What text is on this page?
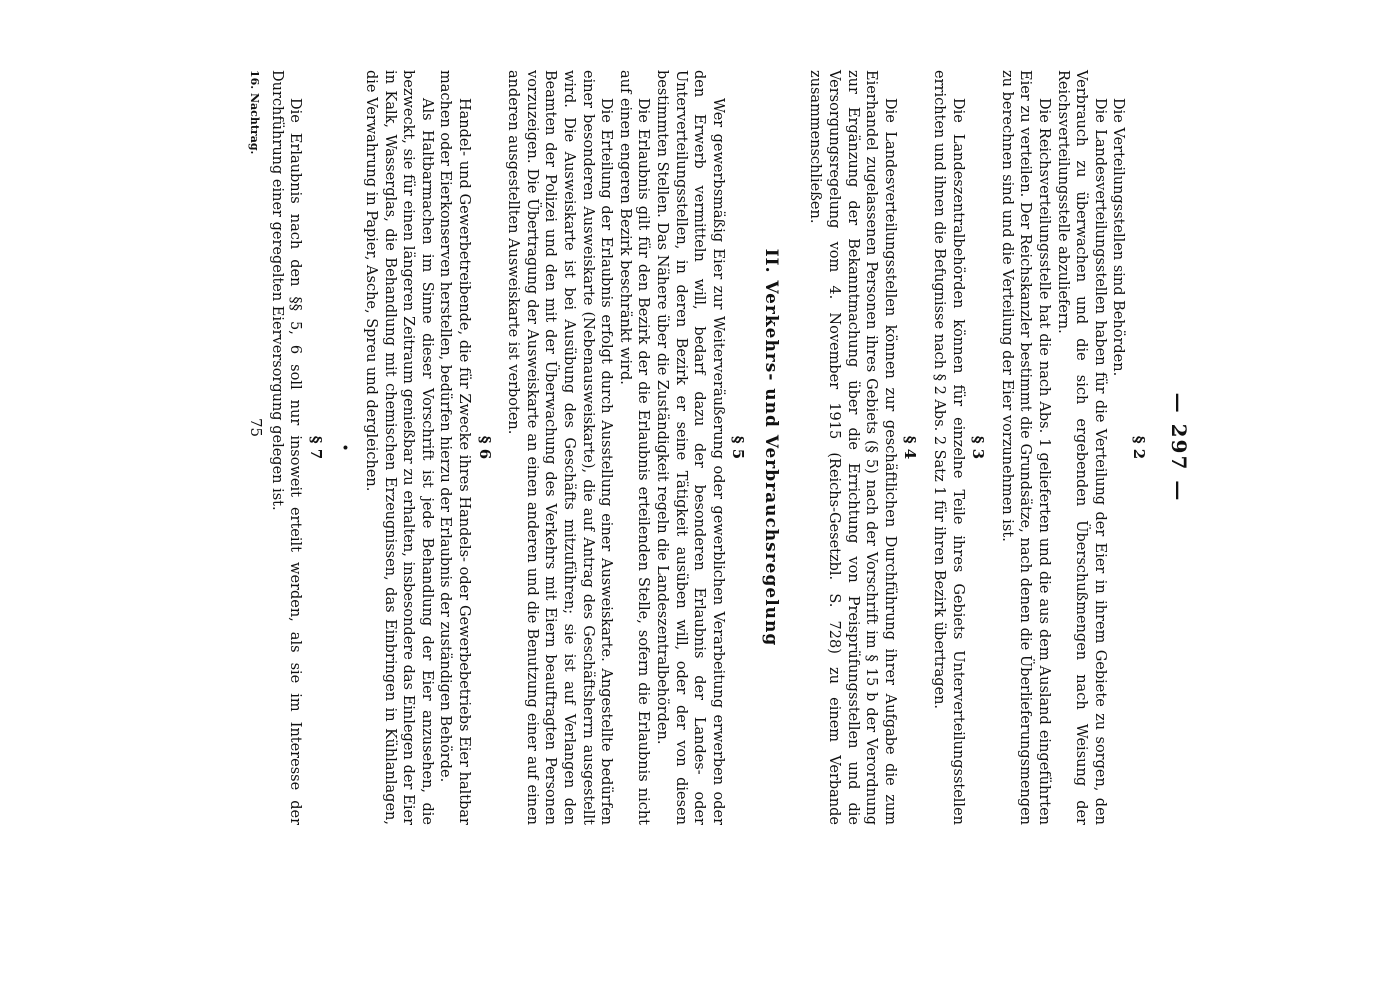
— 297 —
§ 2

Die Verteilungsstellen sind Behörden.

Die Landesverteilungsstellen haben für die Verteilung der Eier in ihrem Gebiete zu sorgen, den Verbrauch zu überwachen und die sich ergebenden Überschußmengen nach Weisung der Reichsverteilungsstelle abzuliefern.

Die Reichsverteilungsstelle hat die nach Abs. 1 gelieferten und die aus dem Ausland eingeführten Eier zu verteilen. Der Reichskanzler bestimmt die Grundsätze, nach denen die Überlieferungsmengen zu berechnen sind und die Verteilung der Eier vorzunehmen ist.

§ 3

Die Landeszentralbehörden können für einzelne Teile ihres Gebiets Unterverteilungsstellen errichten und ihnen die Befugnisse nach § 2 Abs. 2 Satz 1 für ihren Bezirk übertragen.

§ 4

Die Landesverteilungsstellen können zur geschäftlichen Durchführung ihrer Aufgabe die zum Eierhandel zugelassenen Personen ihres Gebiets (§ 5) nach der Vorschrift im § 15 b der Verordnung zur Ergänzung der Bekanntmachung über die Errichtung von Preisprüfungsstellen und die Versorgungsregelung vom 4. November 1915 (Reichs-Gesetzbl. S. 728) zu einem Verbande zusammenschließen.

II. Verkehrs- und Verbrauchsregelung
§ 5

Wer gewerbsmäßig Eier zur Weiterveräußerung oder gewerblichen Verarbeitung erwerben oder den Erwerb vermitteln will, bedarf dazu der besonderen Erlaubnis der Landes- oder Unterverteilungsstellen, in deren Bezirk er seine Tätigkeit ausüben will, oder der von diesen bestimmten Stellen. Das Nähere über die Zuständigkeit regeln die Landeszentralbehörden.

Die Erlaubnis gilt für den Bezirk der die Erlaubnis erteilenden Stelle, sofern die Erlaubnis nicht auf einen engeren Bezirk beschränkt wird.

Die Erteilung der Erlaubnis erfolgt durch Ausstellung einer Ausweiskarte. Angestellte bedürfen einer besonderen Ausweiskarte (Nebenausweiskarte), die auf Antrag des Geschäftsherrn ausgestellt wird. Die Ausweiskarte ist bei Ausübung des Geschäfts mitzuführen; sie ist auf Verlangen den Beamten der Polizei und den mit der Überwachung des Verkehrs mit Eiern beauftragten Personen vorzuzeigen. Die Übertragung der Ausweiskarte an einen anderen und die Benutzung einer auf einen anderen ausgestellten Ausweiskarte ist verboten.

§ 6

Handel- und Gewerbetreibende, die für Zwecke ihres Handels- oder Gewerbebetriebs Eier haltbar machen oder Eierkonserven herstellen, bedürfen hierzu der Erlaubnis der zuständigen Behörde.

Als Haltbarmachen im Sinne dieser Vorschrift ist jede Behandlung der Eier anzusehen, die bezweckt, sie für einen längeren Zeitraum genießbar zu erhalten, insbesondere das Einlegen der Eier in Kalk, Wasserglas, die Behandlung mit chemischen Erzeugnissen, das Einbringen in Kühlanlagen, die Verwahrung in Papier, Asche, Spreu und dergleichen.

•
§ 7

Die Erlaubnis nach den §§ 5, 6 soll nur insoweit erteilt werden, als sie im Interesse der Durchführung einer geregelten Eierversorgung gelegen ist.

16. Nachtrag.
75
